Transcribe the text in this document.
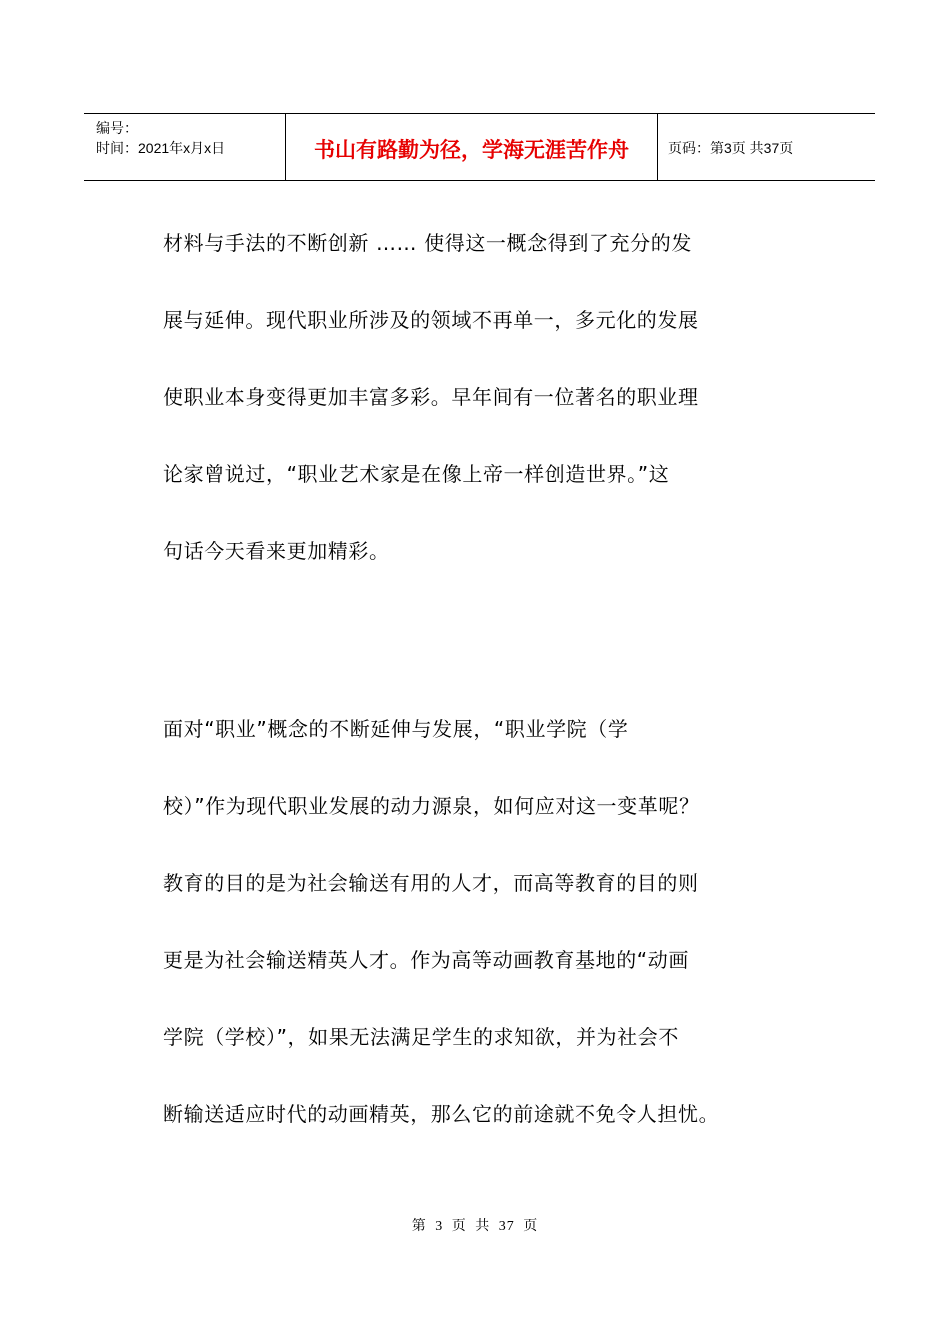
编号：
时间：2021年x月x日	书山有路勤为径，学海无涯苦作舟	页码：第3页 共37页
材料与手法的不断创新 …… 使得这一概念得到了充分的发
展与延伸。现代职业所涉及的领域不再单一，多元化的发展
使职业本身变得更加丰富多彩。早年间有一位著名的职业理
论家曾说过，“职业艺术家是在像上帝一样创造世界。”这
句话今天看来更加精彩。
面对“职业”概念的不断延伸与发展，“职业学院（学
校）”作为现代职业发展的动力源泉，如何应对这一变革呢？
教育的目的是为社会输送有用的人才，而高等教育的目的则
更是为社会输送精英人才。作为高等动画教育基地的“动画
学院（学校）”，如果无法满足学生的求知欲，并为社会不
断输送适应时代的动画精英，那么它的前途就不免令人担忧。
第 3 页 共 37 页
